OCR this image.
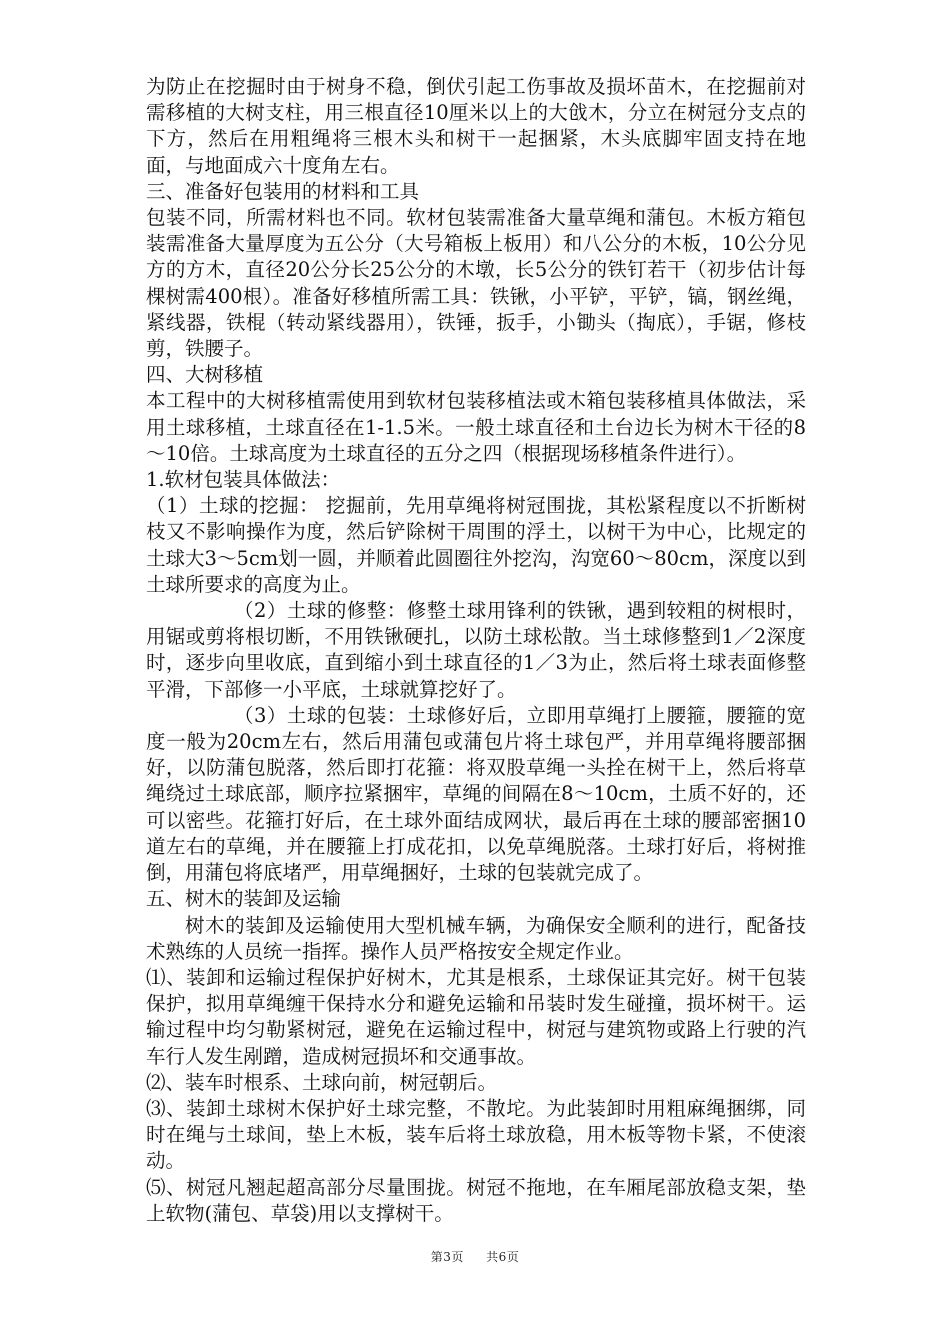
为防止在挖掘时由于树身不稳，倒伏引起工伤事故及损坏苗木，在挖掘前对需移植的大树支柱，用三根直径10厘米以上的大戗木，分立在树冠分支点的下方，然后在用粗绳将三根木头和树干一起捆紧，木头底脚牢固支持在地面，与地面成六十度角左右。

三、准备好包装用的材料和工具

包装不同，所需材料也不同。软材包装需准备大量草绳和蒲包。木板方箱包装需准备大量厚度为五公分（大号箱板上板用）和八公分的木板，10公分见方的方木，直径20公分长25公分的木墩，长5公分的铁钉若干（初步估计每棵树需400根）。准备好移植所需工具：铁锹，小平铲，平铲，镐，钢丝绳，紧线器，铁棍（转动紧线器用），铁锤，扳手，小锄头（掏底），手锯，修枝剪，铁腰子。

四、大树移植

本工程中的大树移植需使用到软材包装移植法或木箱包装移植具体做法，采用土球移植，土球直径在1-1.5米。一般土球直径和土台边长为树木干径的8～10倍。土球高度为土球直径的五分之四（根据现场移植条件进行）。

1.软材包装具体做法：

（1）土球的挖掘： 挖掘前，先用草绳将树冠围拢，其松紧程度以不折断树枝又不影响操作为度，然后铲除树干周围的浮土，以树干为中心，比规定的土球大3～5cm划一圆，并顺着此圆圈往外挖沟，沟宽60～80cm，深度以到土球所要求的高度为止。

（2）土球的修整：修整土球用锋利的铁锹，遇到较粗的树根时，用锯或剪将根切断，不用铁锹硬扎，以防土球松散。当土球修整到1／2深度时，逐步向里收底，直到缩小到土球直径的1／3为止，然后将土球表面修整平滑，下部修一小平底，土球就算挖好了。

（3）土球的包装：土球修好后，立即用草绳打上腰箍，腰箍的宽度一般为20cm左右，然后用蒲包或蒲包片将土球包严，并用草绳将腰部捆好，以防蒲包脱落，然后即打花箍：将双股草绳一头拴在树干上，然后将草绳绕过土球底部，顺序拉紧捆牢，草绳的间隔在8～10cm，土质不好的，还可以密些。花箍打好后，在土球外面结成网状，最后再在土球的腰部密捆10道左右的草绳，并在腰箍上打成花扣，以免草绳脱落。土球打好后，将树推倒，用蒲包将底堵严，用草绳捆好，土球的包装就完成了。

五、树木的装卸及运输

树木的装卸及运输使用大型机械车辆，为确保安全顺利的进行，配备技术熟练的人员统一指挥。操作人员严格按安全规定作业。

⑴、装卸和运输过程保护好树木，尤其是根系，土球保证其完好。树干包装保护，拟用草绳缠干保持水分和避免运输和吊装时发生碰撞，损坏树干。运输过程中均匀勒紧树冠，避免在运输过程中，树冠与建筑物或路上行驶的汽车行人发生剐蹭，造成树冠损坏和交通事故。

⑵、装车时根系、土球向前，树冠朝后。

⑶、装卸土球树木保护好土球完整，不散坨。为此装卸时用粗麻绳捆绑，同时在绳与土球间，垫上木板，装车后将土球放稳，用木板等物卡紧，不使滚动。

⑸、树冠凡翘起超高部分尽量围拢。树冠不拖地，在车厢尾部放稳支架，垫上软物(蒲包、草袋)用以支撑树干。

第3页 共6页
